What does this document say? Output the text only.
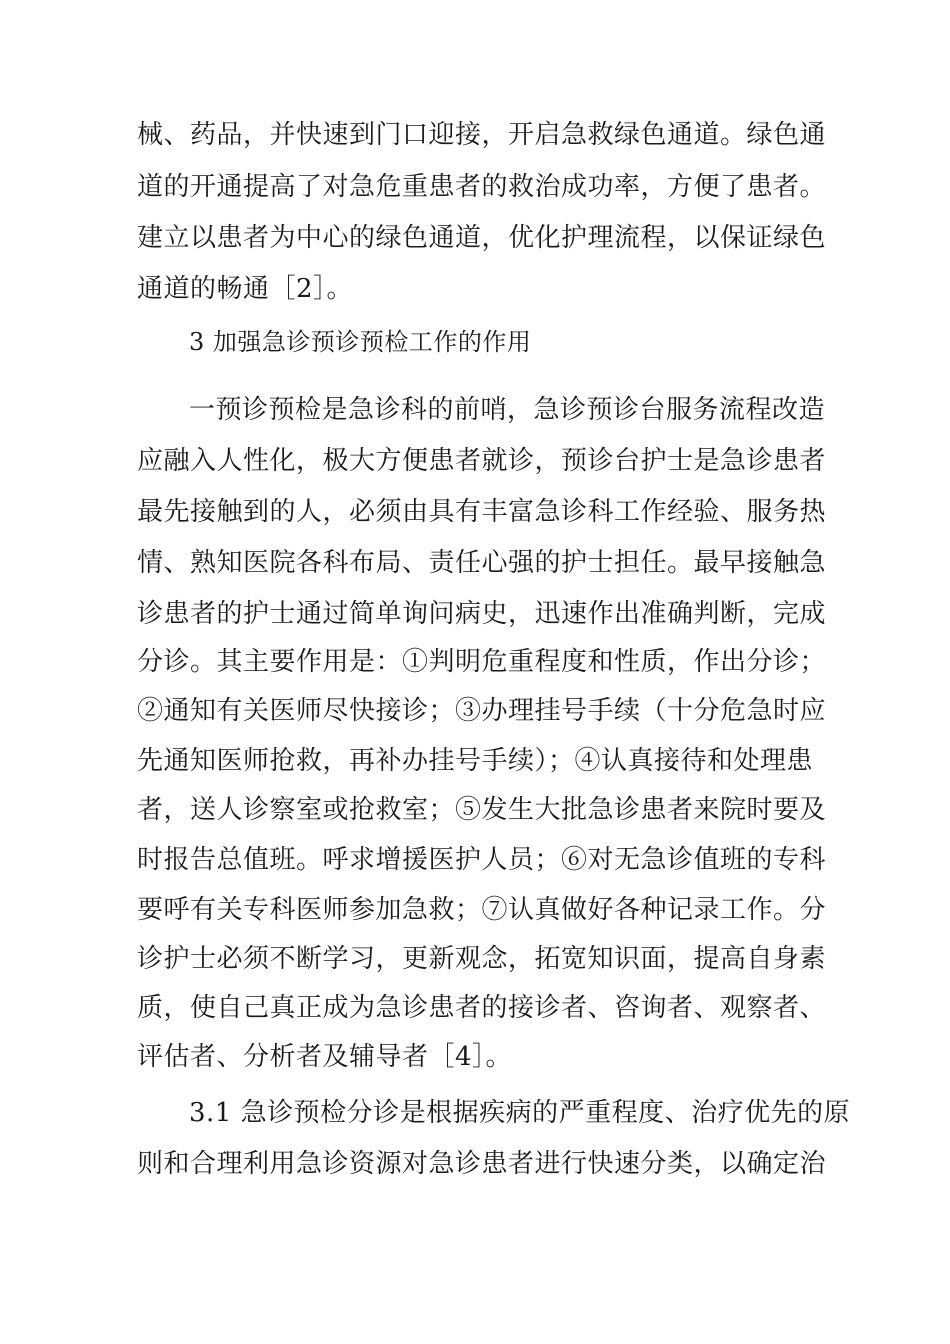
械、药品，并快速到门口迎接，开启急救绿色通道。绿色通
道的开通提高了对急危重患者的救治成功率，方便了患者。
建立以患者为中心的绿色通道，优化护理流程，以保证绿色
通道的畅通［2］。
3 加强急诊预诊预检工作的作用
一预诊预检是急诊科的前哨，急诊预诊台服务流程改造
应融入人性化，极大方便患者就诊，预诊台护士是急诊患者
最先接触到的人，必须由具有丰富急诊科工作经验、服务热
情、熟知医院各科布局、责任心强的护士担任。最早接触急
诊患者的护士通过简单询问病史，迅速作出准确判断，完成
分诊。其主要作用是：①判明危重程度和性质，作出分诊；
②通知有关医师尽快接诊；③办理挂号手续（十分危急时应
先通知医师抢救，再补办挂号手续）；④认真接待和处理患
者，送人诊察室或抢救室；⑤发生大批急诊患者来院时要及
时报告总值班。呼求增援医护人员；⑥对无急诊值班的专科
要呼有关专科医师参加急救；⑦认真做好各种记录工作。分
诊护士必须不断学习，更新观念，拓宽知识面，提高自身素
质，使自己真正成为急诊患者的接诊者、咨询者、观察者、
评估者、分析者及辅导者［4］。
3.1 急诊预检分诊是根据疾病的严重程度、治疗优先的原
则和合理利用急诊资源对急诊患者进行快速分类，以确定治
